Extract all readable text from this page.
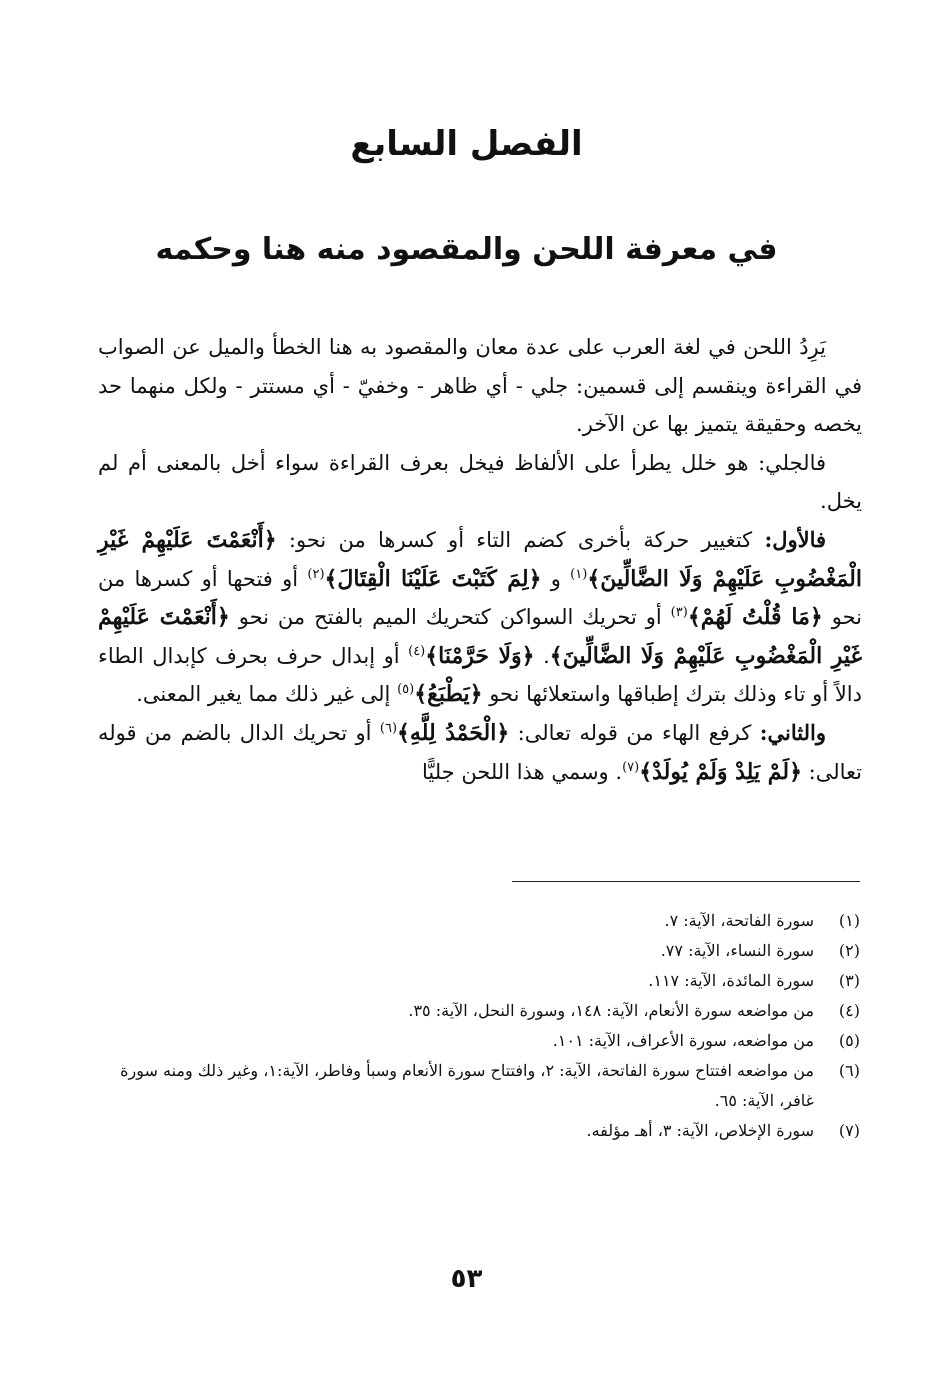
الفصل السابع
في معرفة اللحن والمقصود منه هنا وحكمه

يَرِدُ اللحن في لغة العرب على عدة معان والمقصود به هنا الخطأ والميل عن الصواب في القراءة وينقسم إلى قسمين: جلي - أي ظاهر - وخفيّ - أي مستتر - ولكل منهما حد يخصه وحقيقة يتميز بها عن الآخر.

فالجلي: هو خلل يطرأ على الألفاظ فيخل بعرف القراءة سواء أخل بالمعنى أم لم يخل.

فالأول: كتغيير حركة بأخرى كضم التاء أو كسرها من نحو: ﴿أَنْعَمْتَ عَلَيْهِمْ غَيْرِ الْمَغْضُوبِ عَلَيْهِمْ وَلَا الضَّالِّينَ﴾$^{(١)}$ و ﴿لِمَ كَتَبْتَ عَلَيْنَا الْقِتَالَ﴾$^{(٢)}$ أو فتحها أو كسرها من نحو ﴿مَا قُلْتُ لَهُمْ﴾$^{(٣)}$ أو تحريك السواكن كتحريك الميم بالفتح من نحو ﴿أَنْعَمْتَ عَلَيْهِمْ غَيْرِ الْمَغْضُوبِ عَلَيْهِمْ وَلَا الضَّالِّينَ﴾. ﴿وَلَا حَرَّمْنَا﴾$^{(٤)}$ أو إبدال حرف بحرف كإبدال الطاء دالاً أو تاء وذلك بترك إطباقها واستعلائها نحو ﴿يَطْبَعُ﴾$^{(٥)}$ إلى غير ذلك مما يغير المعنى.

والثاني: كرفع الهاء من قوله تعالى: ﴿الْحَمْدُ لِلَّهِ﴾$^{(٦)}$ أو تحريك الدال بالضم من قوله تعالى: ﴿لَمْ يَلِدْ وَلَمْ يُولَدْ﴾$^{(٧)}$. وسمي هذا اللحن جليًّا

(١)
سورة الفاتحة، الآية: ٧.
(٢)
سورة النساء، الآية: ٧٧.
(٣)
سورة المائدة، الآية: ١١٧.
(٤)
من مواضعه سورة الأنعام، الآية: ١٤٨، وسورة النحل، الآية: ٣٥.
(٥)
من مواضعه، سورة الأعراف، الآية: ١٠١.
(٦)
من مواضعه افتتاح سورة الفاتحة، الآية: ٢، وافتتاح سورة الأنعام وسبأ وفاطر، الآية:١، وغير ذلك ومنه سورة غافر، الآية: ٦٥.
(٧)
سورة الإخلاص، الآية: ٣، أهـ مؤلفه.
٥٣
